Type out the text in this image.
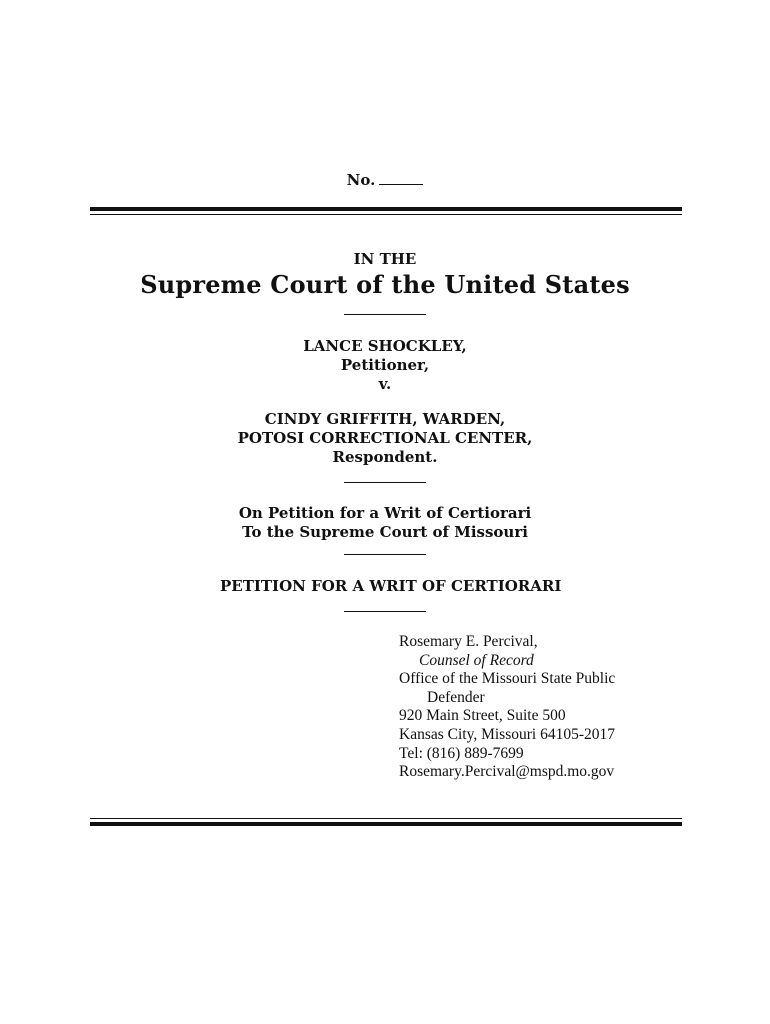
No.
IN THE
Supreme Court of the United States
LANCE SHOCKLEY,
Petitioner,
v.
CINDY GRIFFITH, WARDEN,
POTOSI CORRECTIONAL CENTER,
Respondent.
On Petition for a Writ of Certiorari
To the Supreme Court of Missouri
PETITION FOR A WRIT OF CERTIORARI
Rosemary E. Percival,
Counsel of Record
Office of the Missouri State Public
Defender
920 Main Street, Suite 500
Kansas City, Missouri 64105-2017
Tel: (816) 889-7699
Rosemary.Percival@mspd.mo.gov
